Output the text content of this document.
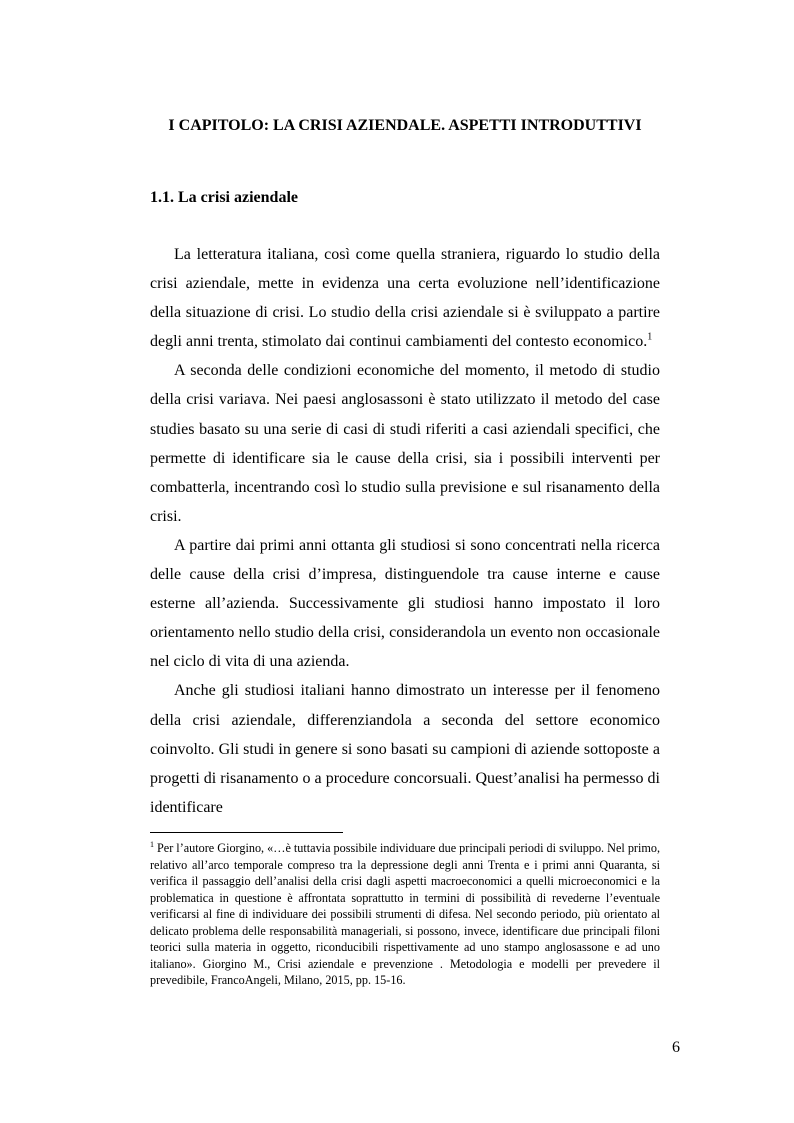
I CAPITOLO: LA CRISI AZIENDALE. ASPETTI INTRODUTTIVI
1.1. La crisi aziendale

La letteratura italiana, così come quella straniera, riguardo lo studio della crisi aziendale, mette in evidenza una certa evoluzione nell’identificazione della situazione di crisi. Lo studio della crisi aziendale si è sviluppato a partire degli anni trenta, stimolato dai continui cambiamenti del contesto economico.$^1$

A seconda delle condizioni economiche del momento, il metodo di studio della crisi variava. Nei paesi anglosassoni è stato utilizzato il metodo del case studies basato su una serie di casi di studi riferiti a casi aziendali specifici, che permette di identificare sia le cause della crisi, sia i possibili interventi per combatterla, incentrando così lo studio sulla previsione e sul risanamento della crisi.

A partire dai primi anni ottanta gli studiosi si sono concentrati nella ricerca delle cause della crisi d’impresa, distinguendole tra cause interne e cause esterne all’azienda. Successivamente gli studiosi hanno impostato il loro orientamento nello studio della crisi, considerandola un evento non occasionale nel ciclo di vita di una azienda.

Anche gli studiosi italiani hanno dimostrato un interesse per il fenomeno della crisi aziendale, differenziandola a seconda del settore economico coinvolto. Gli studi in genere si sono basati su campioni di aziende sottoposte a progetti di risanamento o a procedure concorsuali. Quest’analisi ha permesso di identificare

$^1$ Per l’autore Giorgino, «…è tuttavia possibile individuare due principali periodi di sviluppo. Nel primo, relativo all’arco temporale compreso tra la depressione degli anni Trenta e i primi anni Quaranta, si verifica il passaggio dell’analisi della crisi dagli aspetti macroeconomici a quelli microeconomici e la problematica in questione è affrontata soprattutto in termini di possibilità di revederne l’eventuale verificarsi al fine di individuare dei possibili strumenti di difesa. Nel secondo periodo, più orientato al delicato problema delle responsabilità manageriali, si possono, invece, identificare due principali filoni teorici sulla materia in oggetto, riconducibili rispettivamente ad uno stampo anglosassone e ad uno italiano». Giorgino M., Crisi aziendale e prevenzione . Metodologia e modelli per prevedere il prevedibile, FrancoAngeli, Milano, 2015, pp. 15-16.

6
